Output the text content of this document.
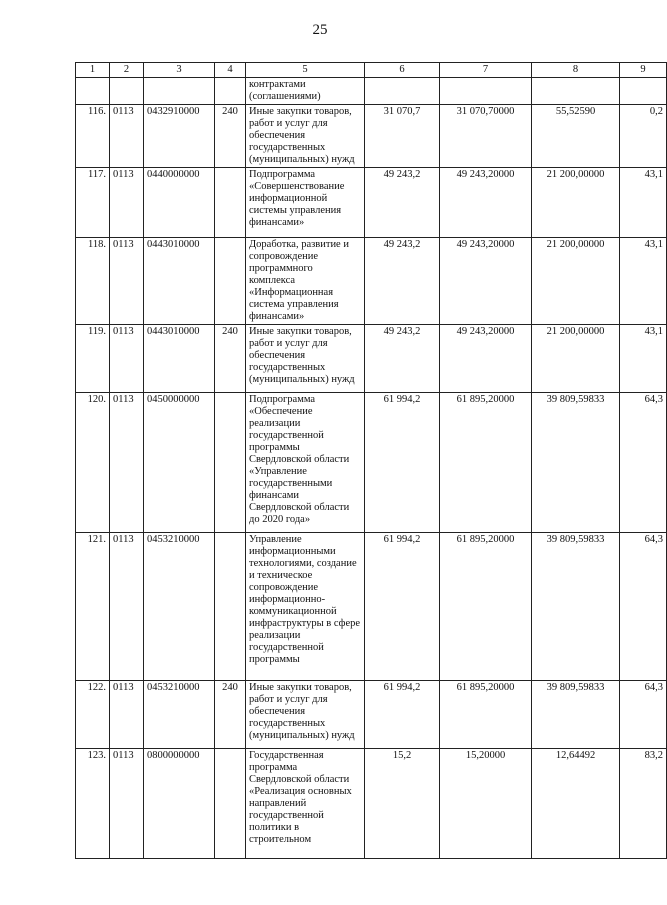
25
1	2	3	4	5	6	7	8	9
				контрактами (соглашениями)				
116.	0113	0432910000	240	Иные закупки товаров, работ и услуг для обеспечения государственных (муниципальных) нужд	31 070,7	31 070,70000	55,52590	0,2
117.	0113	0440000000		Подпрограмма «Совершенствование информационной системы управления финансами»	49 243,2	49 243,20000	21 200,00000	43,1
118.	0113	0443010000		Доработка, развитие и сопровождение программного комплекса «Информационная система управления финансами»	49 243,2	49 243,20000	21 200,00000	43,1
119.	0113	0443010000	240	Иные закупки товаров, работ и услуг для обеспечения государственных (муниципальных) нужд	49 243,2	49 243,20000	21 200,00000	43,1
120.	0113	0450000000		Подпрограмма «Обеспечение реализации государственной программы Свердловской области «Управление государственными финансами Свердловской области до 2020 года»	61 994,2	61 895,20000	39 809,59833	64,3
121.	0113	0453210000		Управление информационными технологиями, создание и техническое сопровождение информационно-коммуникационной инфраструктуры в сфере реализации государственной программы	61 994,2	61 895,20000	39 809,59833	64,3
122.	0113	0453210000	240	Иные закупки товаров, работ и услуг для обеспечения государственных (муниципальных) нужд	61 994,2	61 895,20000	39 809,59833	64,3
123.	0113	0800000000		Государственная программа Свердловской области «Реализация основных направлений государственной политики в строительном	15,2	15,20000	12,64492	83,2
